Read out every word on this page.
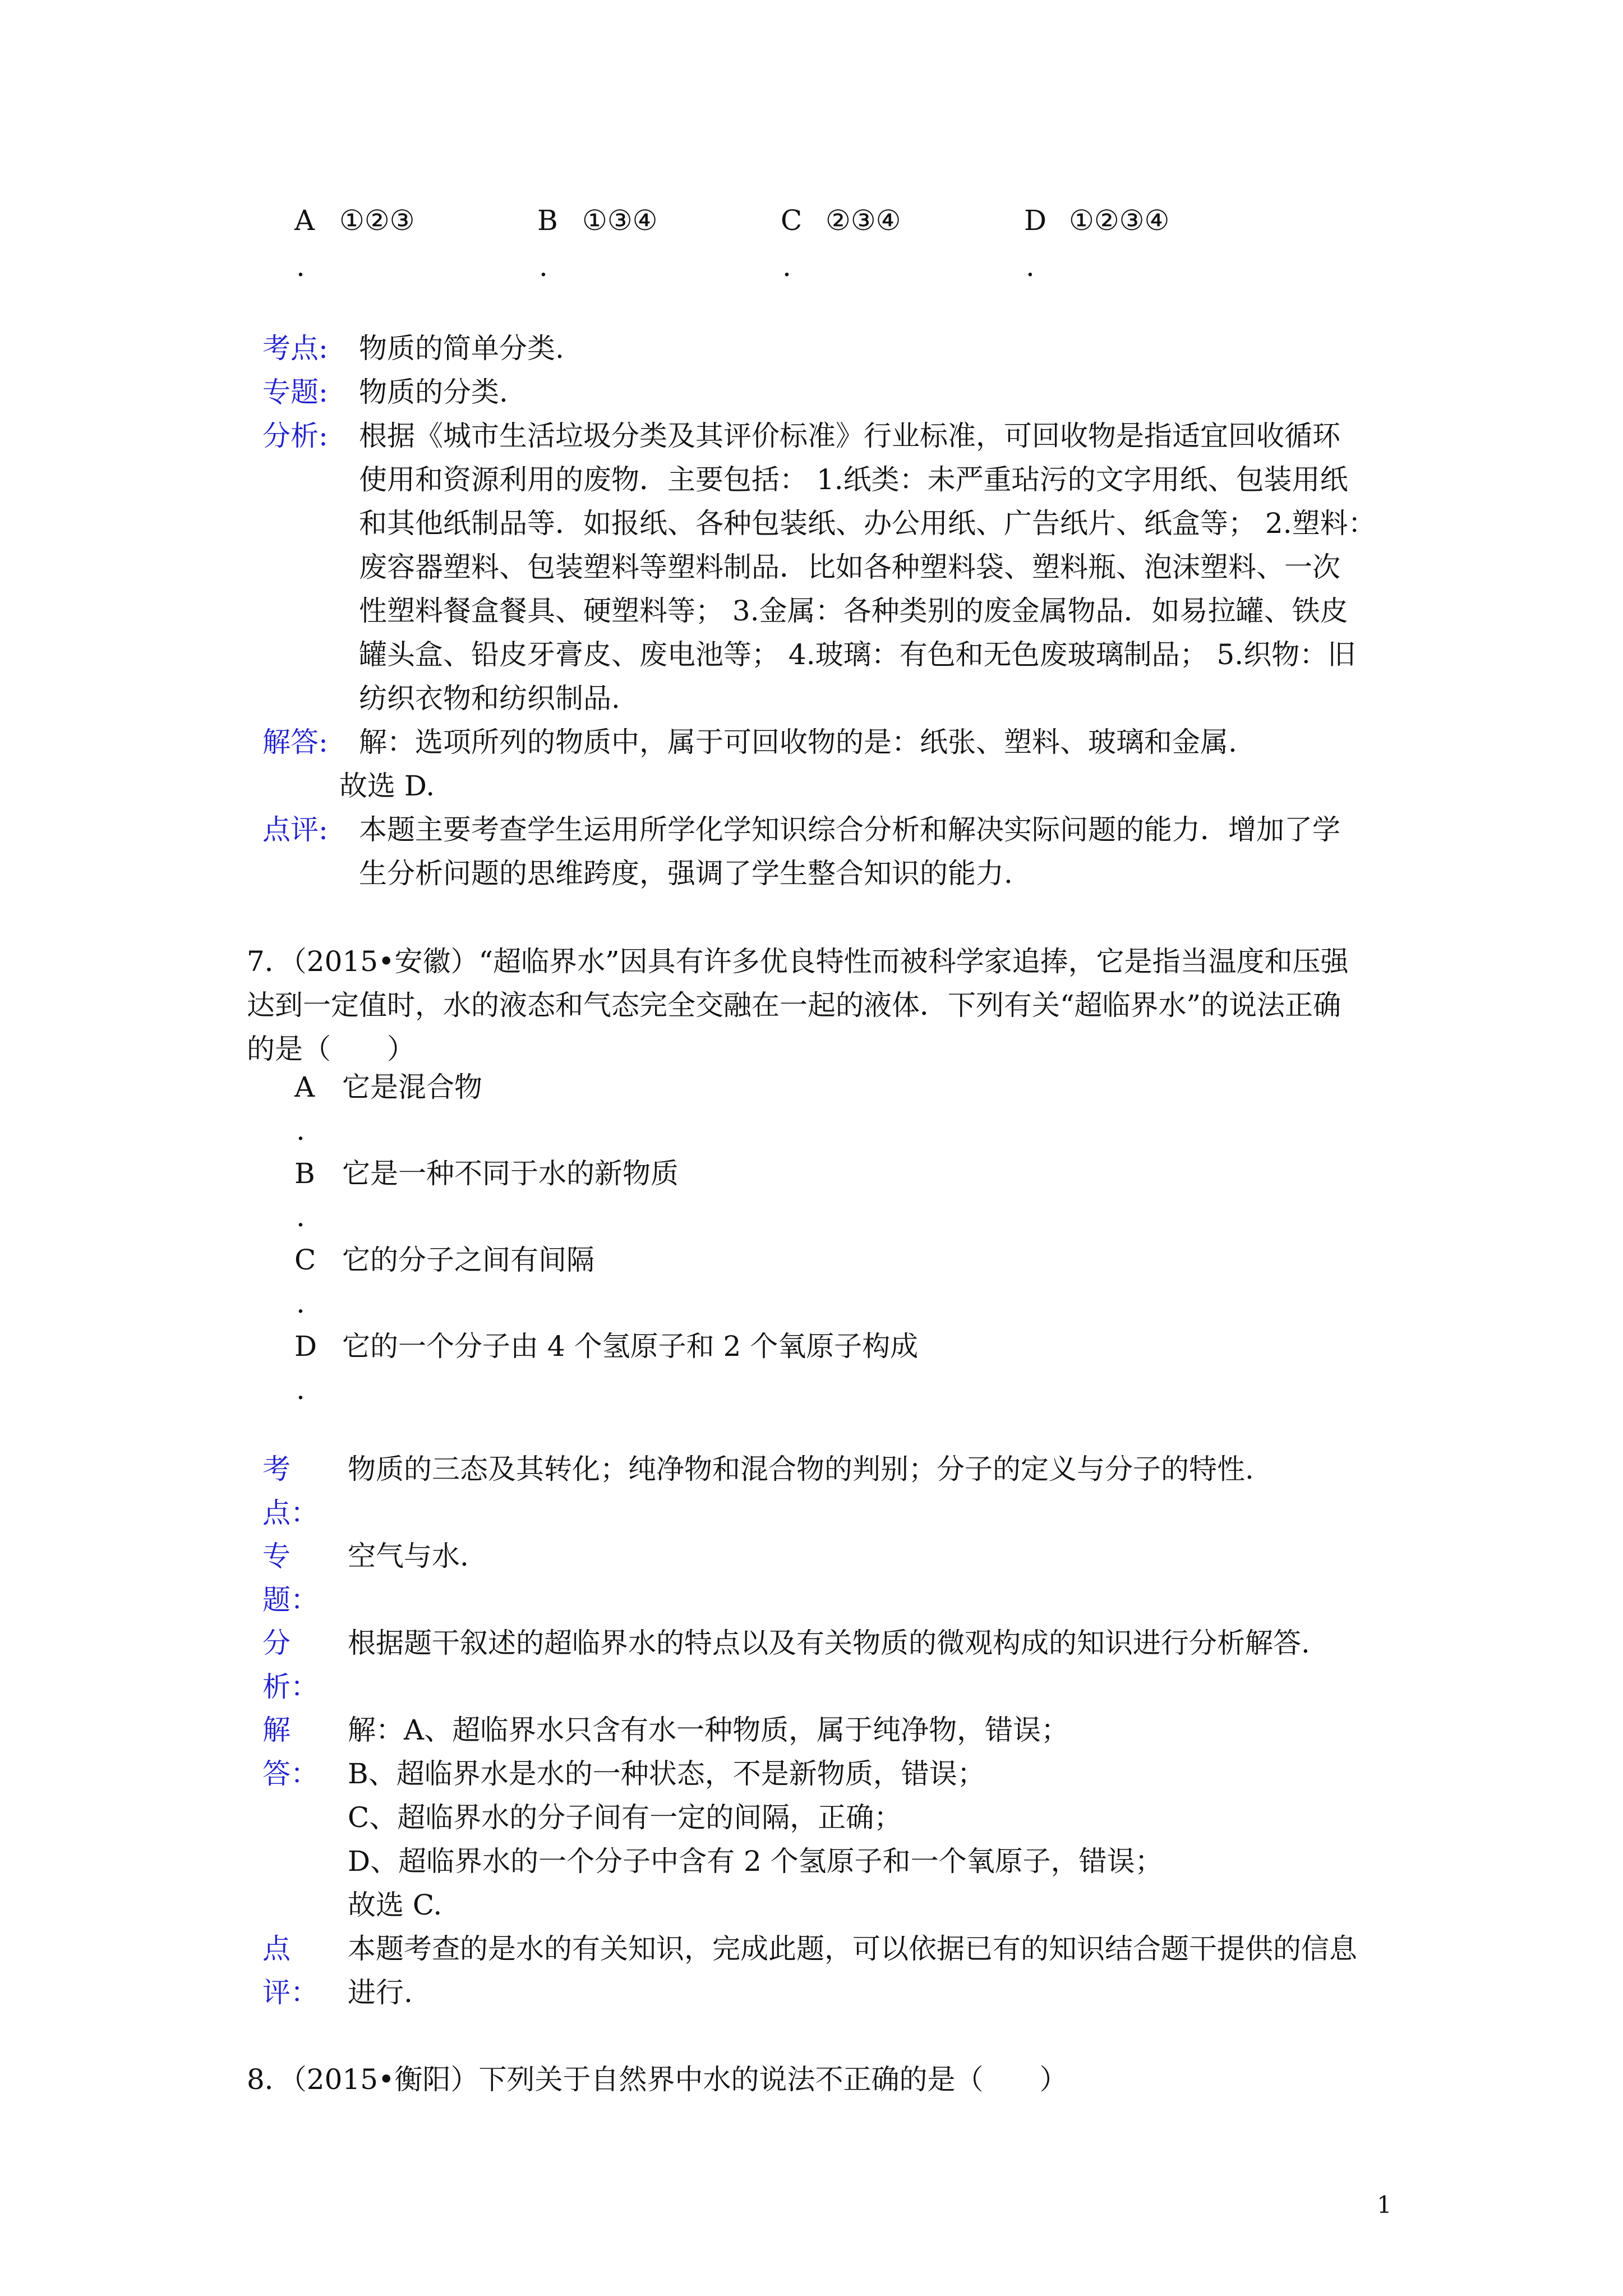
A ①②③
.
B ①③④
.
C ②③④
.
D ①②③④
.
考点: 物质的简单分类.
专题: 物质的分类.
分析: 根据《城市生活垃圾分类及其评价标准》行业标准，可回收物是指适宜回收循环
使用和资源利用的废物．主要包括： 1.纸类：未严重玷污的文字用纸、包装用纸
和其他纸制品等．如报纸、各种包装纸、办公用纸、广告纸片、纸盒等； 2.塑料：
废容器塑料、包装塑料等塑料制品．比如各种塑料袋、塑料瓶、泡沫塑料、一次
性塑料餐盒餐具、硬塑料等； 3.金属：各种类别的废金属物品．如易拉罐、铁皮
罐头盒、铅皮牙膏皮、废电池等； 4.玻璃：有色和无色废玻璃制品； 5.织物：旧
纺织衣物和纺织制品.
解答: 解：选项所列的物质中，属于可回收物的是：纸张、塑料、玻璃和金属.
故选 D.
点评: 本题主要考查学生运用所学化学知识综合分析和解决实际问题的能力．增加了学
生分析问题的思维跨度，强调了学生整合知识的能力.
7．（2015•安徽）“超临界水”因具有许多优良特性而被科学家追捧，它是指当温度和压强
达到一定值时，水的液态和气态完全交融在一起的液体．下列有关“超临界水”的说法正确
的是（　　）
A 它是混合物
.
B 它是一种不同于水的新物质
.
C 它的分子之间有间隔
.
D 它的一个分子由 4 个氢原子和 2 个氧原子构成
.
考
点：
物质的三态及其转化；纯净物和混合物的判别；分子的定义与分子的特性.
专
题：
空气与水.
分
析：
根据题干叙述的超临界水的特点以及有关物质的微观构成的知识进行分析解答.
解
答：
解：A、超临界水只含有水一种物质，属于纯净物，错误；
B、超临界水是水的一种状态，不是新物质，错误；
C、超临界水的分子间有一定的间隔，正确；
D、超临界水的一个分子中含有 2 个氢原子和一个氧原子，错误；
故选 C.
点
评：
本题考查的是水的有关知识，完成此题，可以依据已有的知识结合题干提供的信息
进行.
8．（2015•衡阳）下列关于自然界中水的说法不正确的是（　　）
1
